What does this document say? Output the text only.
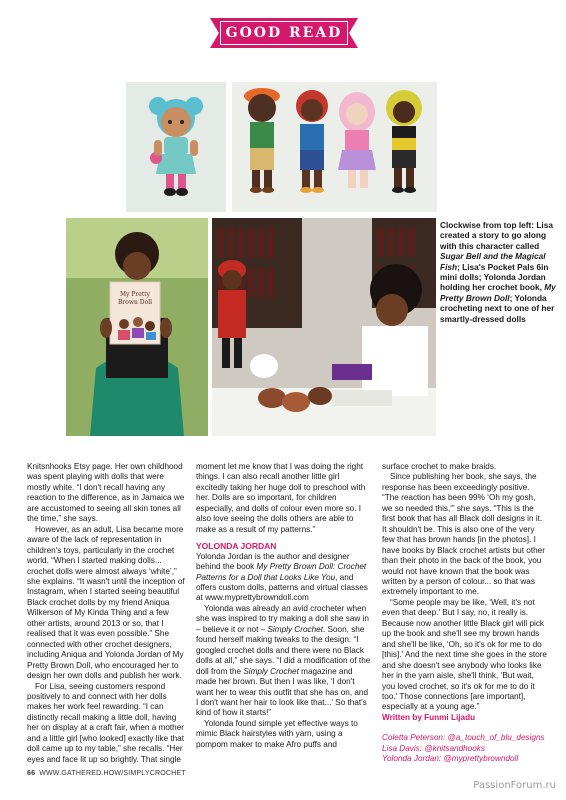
GOOD READ
My Pretty
Brown Doll
Clockwise from top left: Lisa created a story to go along with this character called Sugar Bell and the Magical Fish; Lisa's Pocket Pals 6in mini dolls; Yolonda Jordan holding her crochet book, My Pretty Brown Doll; Yolonda crocheting next to one of her smartly-dressed dolls

Knitsnhooks Etsy page. Her own childhood was spent playing with dolls that were mostly white. “I don't recall having any reaction to the difference, as in Jamaica we are accustomed to seeing all skin tones all the time,” she says.

However, as an adult, Lisa became more aware of the lack of representation in children's toys, particularly in the crochet world. “When I started making dolls... crochet dolls were almost always ‘white’,” she explains. “It wasn't until the inception of Instagram, when I started seeing beautiful Black crochet dolls by my friend Aniqua Wilkerson of My Kinda Thing and a few other artists, around 2013 or so, that I realised that it was even possible.” She connected with other crochet designers, including Aniqua and Yolonda Jordan of My Pretty Brown Doll, who encouraged her to design her own dolls and publish her work.

For Lisa, seeing customers respond positively to and connect with her dolls makes her work feel rewarding. “I can distinctly recall making a little doll, having her on display at a craft fair, when a mother and a little girl [who looked] exactly like that doll came up to my table,” she recalls. “Her eyes and face lit up so brightly. That single

moment let me know that I was doing the right things. I can also recall another little girl excitedly taking her huge doll to preschool with her. Dolls are so important, for children especially, and dolls of colour even more so. I also love seeing the dolls others are able to make as a result of my patterns.”

YOLONDA JORDAN

Yolonda Jordan is the author and designer behind the book My Pretty Brown Doll: Crochet Patterns for a Doll that Looks Like You, and offers custom dolls, patterns and virtual classes at www.myprettybrowndoll.com

Yolonda was already an avid crocheter when she was inspired to try making a doll she saw in – believe it or not – Simply Crochet. Soon, she found herself making tweaks to the design. “I googled crochet dolls and there were no Black dolls at all,” she says. “I did a modification of the doll from the Simply Crochet magazine and made her brown. But then I was like, ‘I don't want her to wear this outfit that she has on, and I don't want her hair to look like that...’ So that's kind of how it starts!”

Yolonda found simple yet effective ways to mimic Black hairstyles with yarn, using a pompom maker to make Afro puffs and

surface crochet to make braids.

Since publishing her book, she says, the response has been exceedingly positive. “The reaction has been 99% ‘Oh my gosh, we so needed this,'” she says. “This is the first book that has all Black doll designs in it. It shouldn't be. This is also one of the very few that has brown hands [in the photos]. I have books by Black crochet artists but other than their photo in the back of the book, you would not have known that the book was written by a person of colour... so that was extremely important to me.

“Some people may be like, ‘Well, it's not even that deep.' But I say, no, it really is. Because now another little Black girl will pick up the book and she'll see my brown hands and she'll be like, ‘Oh, so it's ok for me to do [this].' And the next time she goes in the store and she doesn't see anybody who looks like her in the yarn aisle, she'll think, ‘But wait, you loved crochet, so it's ok for me to do it too.' Those connections [are important], especially at a young age.”

Written by Funmi Lijadu
Coletta Peterson: @a_touch_of_blu_designs
Lisa Davis: @knitsandhooks
Yolonda Jordan: @myprettybrowndoll
66 WWW.GATHERED.HOW/SIMPLYCROCHET
PassionForum.ru
